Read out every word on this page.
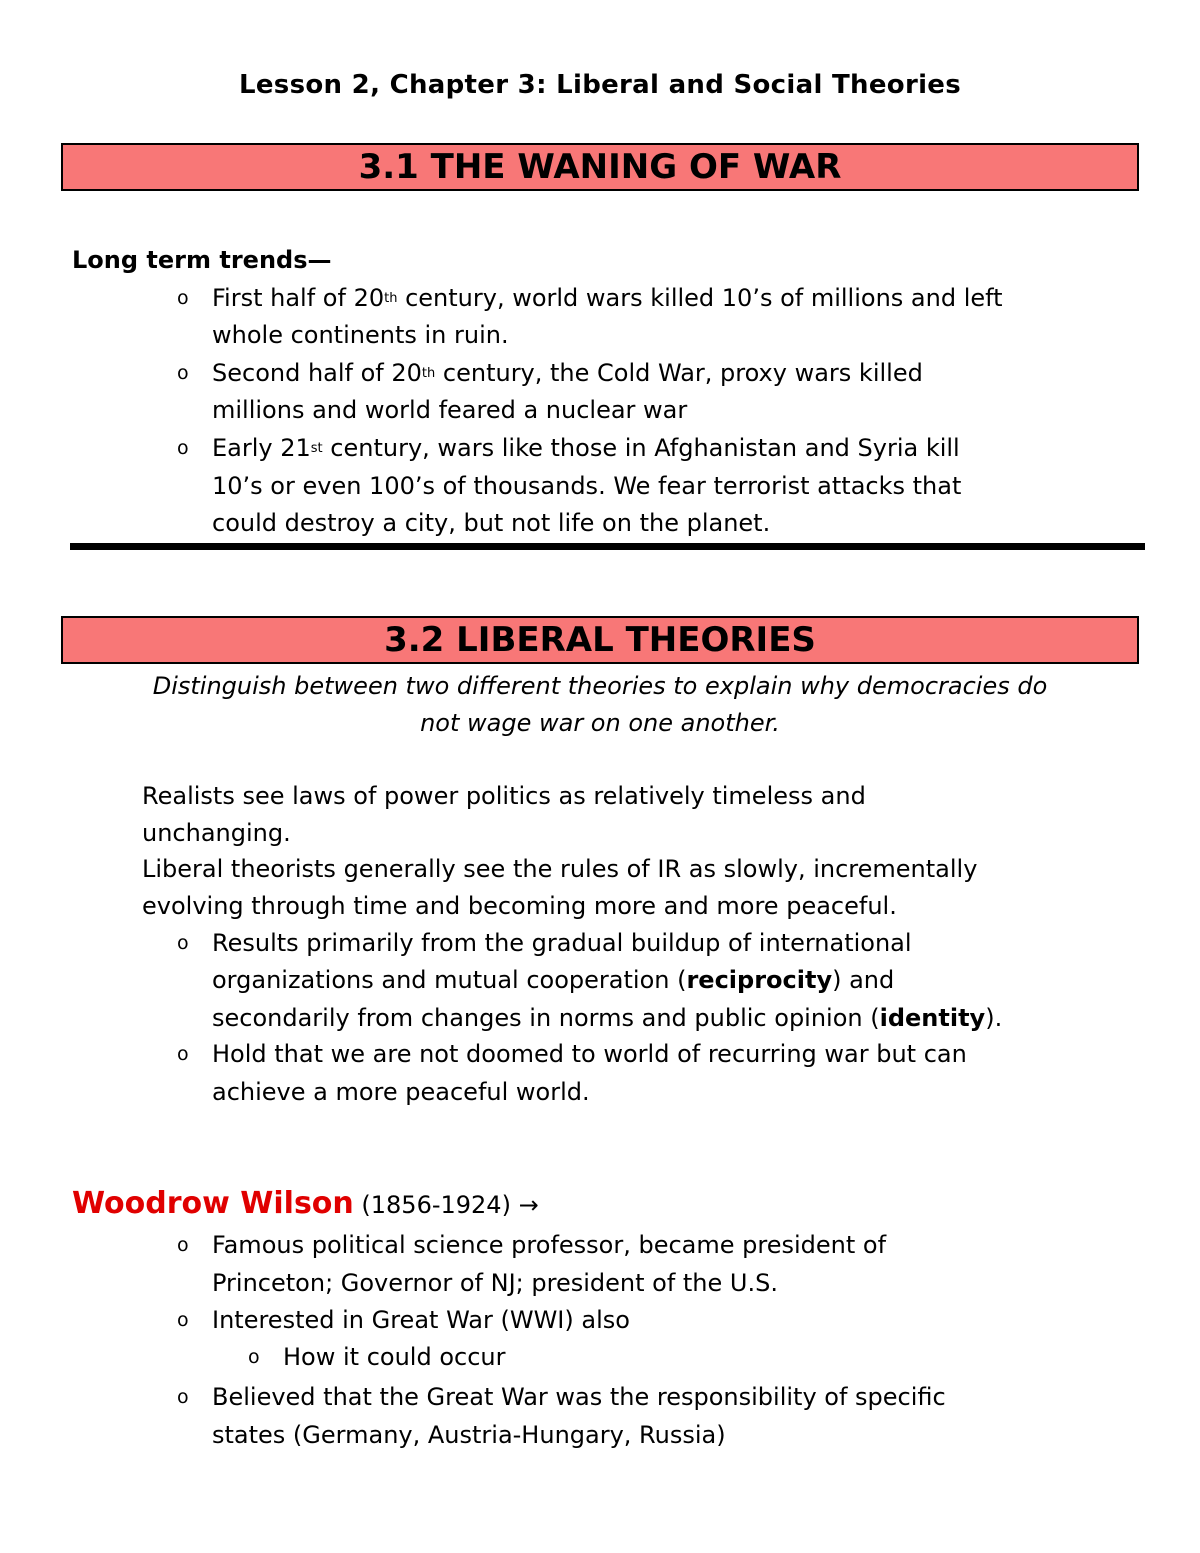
Lesson 2, Chapter 3: Liberal and Social Theories
3.1 THE WANING OF WAR
Long term trends—
o First half of 20th century, world wars killed 10’s of millions and left
whole continents in ruin.
o Second half of 20th century, the Cold War, proxy wars killed
millions and world feared a nuclear war
o Early 21st century, wars like those in Afghanistan and Syria kill
10’s or even 100’s of thousands. We fear terrorist attacks that
could destroy a city, but not life on the planet.
3.2 LIBERAL THEORIES
Distinguish between two different theories to explain why democracies do
not wage war on one another.
Realists see laws of power politics as relatively timeless and
unchanging.
Liberal theorists generally see the rules of IR as slowly, incrementally
evolving through time and becoming more and more peaceful.
o Results primarily from the gradual buildup of international
organizations and mutual cooperation (reciprocity) and
secondarily from changes in norms and public opinion (identity).
o Hold that we are not doomed to world of recurring war but can
achieve a more peaceful world.
Woodrow Wilson (1856-1924) →
o Famous political science professor, became president of
Princeton; Governor of NJ; president of the U.S.
o Interested in Great War (WWI) also
o How it could occur
o Believed that the Great War was the responsibility of specific
states (Germany, Austria-Hungary, Russia)
